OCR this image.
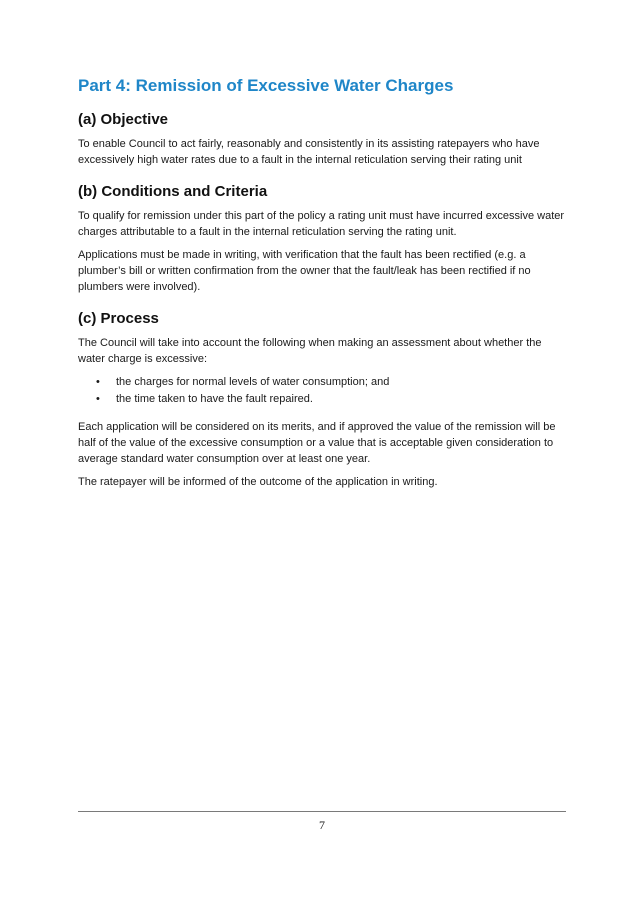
Part 4: Remission of Excessive Water Charges
(a) Objective

To enable Council to act fairly, reasonably and consistently in its assisting ratepayers who have excessively high water rates due to a fault in the internal reticulation serving their rating unit

(b) Conditions and Criteria

To qualify for remission under this part of the policy a rating unit must have incurred excessive water charges attributable to a fault in the internal reticulation serving the rating unit.

Applications must be made in writing, with verification that the fault has been rectified (e.g. a plumber’s bill or written confirmation from the owner that the fault/leak has been rectified if no plumbers were involved).

(c) Process

The Council will take into account the following when making an assessment about whether the water charge is excessive:

• the charges for normal levels of water consumption; and
• the time taken to have the fault repaired.

Each application will be considered on its merits, and if approved the value of the remission will be half of the value of the excessive consumption or a value that is acceptable given consideration to average standard water consumption over at least one year.

The ratepayer will be informed of the outcome of the application in writing.

7
